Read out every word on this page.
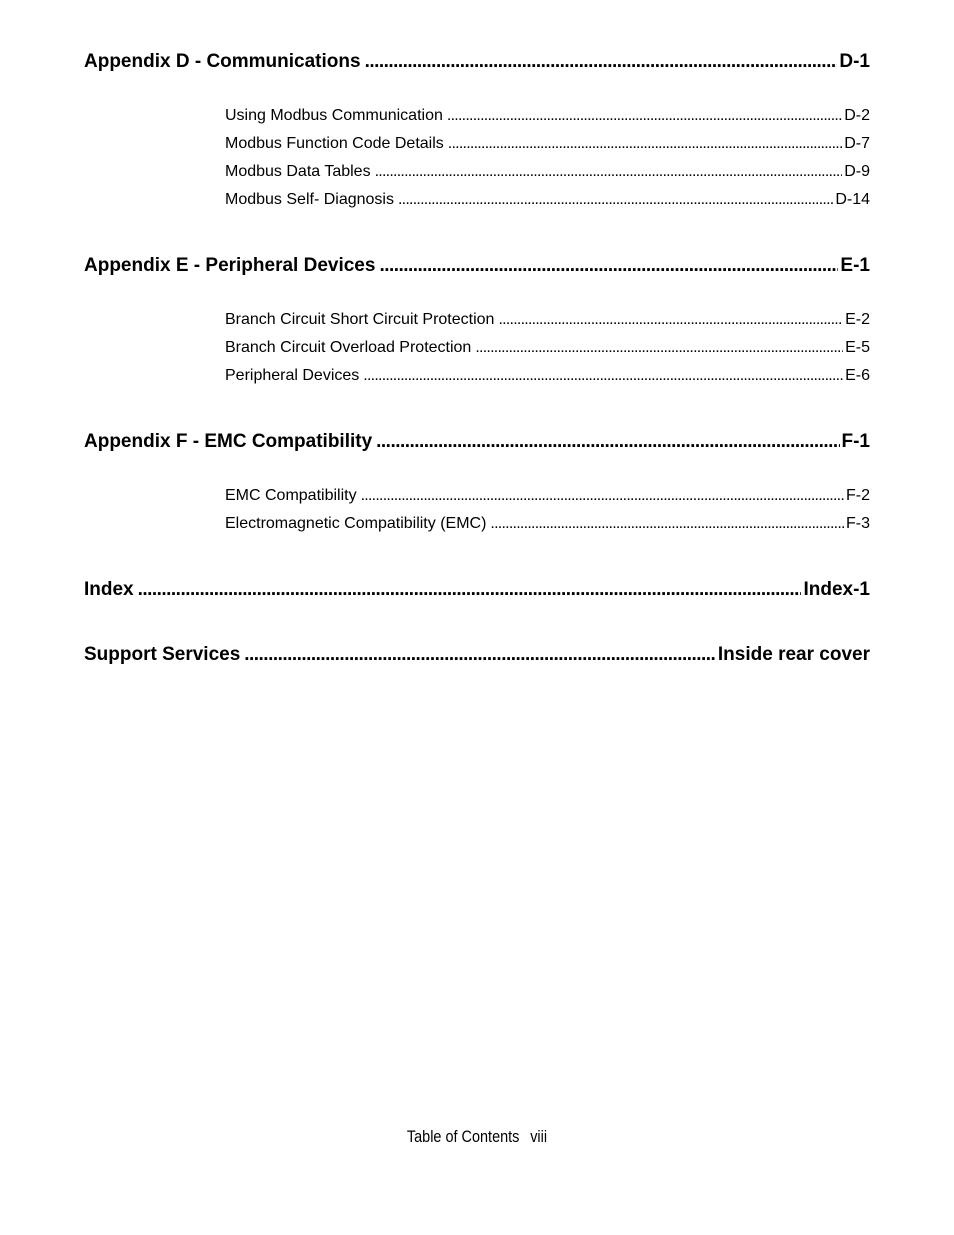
Appendix D - Communications . . .	D-1
Using Modbus Communication . . .	D-2
Modbus Function Code Details . . .	D-7
Modbus Data Tables . . .	D-9
Modbus Self- Diagnosis . . .	D-14
Appendix E - Peripheral Devices . . .	E-1
Branch Circuit Short Circuit Protection . . .	E-2
Branch Circuit Overload Protection . . .	E-5
Peripheral Devices . . .	E-6
Appendix F - EMC Compatibility . . .	F-1
EMC Compatibility . . .	F-2
Electromagnetic Compatibility (EMC) . . .	F-3
Index . . .	Index-1
Support Services . . .	Inside rear cover
Table of Contents viii
